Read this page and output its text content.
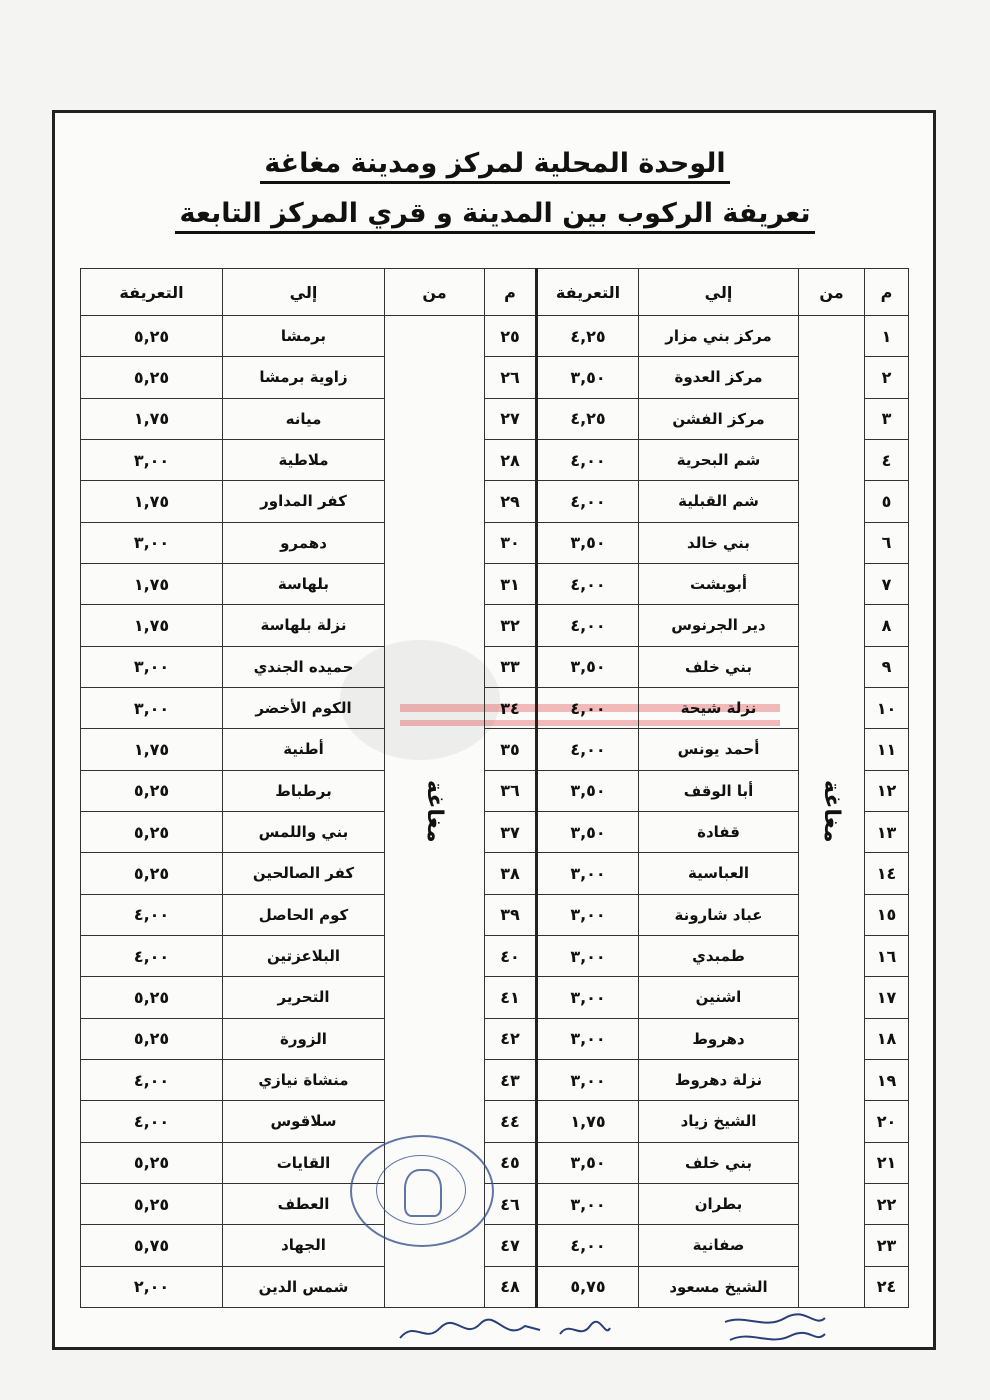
الوحدة المحلية لمركز ومدينة مغاغة
تعريفة الركوب بين المدينة و قري المركز التابعة
م	من	إلي	التعريفة	م	من	إلي	التعريفة
١	مغاغة	مركز بني مزار	٤,٢٥	٢٥	مغاغة	برمشا	٥,٢٥
٢		مركز العدوة	٣,٥٠	٢٦		زاوية برمشا	٥,٢٥
٣		مركز الفشن	٤,٢٥	٢٧		ميانه	١,٧٥
٤		شم البحرية	٤,٠٠	٢٨		ملاطية	٣,٠٠
٥		شم القبلية	٤,٠٠	٢٩		كفر المداور	١,٧٥
٦		بني خالد	٣,٥٠	٣٠		دهمرو	٣,٠٠
٧		أبوبشت	٤,٠٠	٣١		بلهاسة	١,٧٥
٨		دير الجرنوس	٤,٠٠	٣٢		نزلة بلهاسة	١,٧٥
٩		بني خلف	٣,٥٠	٣٣		حميده الجندي	٣,٠٠
١٠		نزلة شيحة	٤,٠٠	٣٤		الكوم الأخضر	٣,٠٠
١١		أحمد يونس	٤,٠٠	٣٥		أطنية	١,٧٥
١٢		أبا الوقف	٣,٥٠	٣٦		برطباط	٥,٢٥
١٣		قفادة	٣,٥٠	٣٧		بني واللمس	٥,٢٥
١٤		العباسية	٣,٠٠	٣٨		كفر الصالحين	٥,٢٥
١٥		عباد شارونة	٣,٠٠	٣٩		كوم الحاصل	٤,٠٠
١٦		طمبدي	٣,٠٠	٤٠		البلاعزتين	٤,٠٠
١٧		اشنين	٣,٠٠	٤١		التحرير	٥,٢٥
١٨		دهروط	٣,٠٠	٤٢		الزورة	٥,٢٥
١٩		نزلة دهروط	٣,٠٠	٤٣		منشاة نيازي	٤,٠٠
٢٠		الشيخ زياد	١,٧٥	٤٤		سلاقوس	٤,٠٠
٢١		بني خلف	٣,٥٠	٤٥		القايات	٥,٢٥
٢٢		بطران	٣,٠٠	٤٦		العطف	٥,٢٥
٢٣		صفانية	٤,٠٠	٤٧		الجهاد	٥,٧٥
٢٤		الشيخ مسعود	٥,٧٥	٤٨		شمس الدين	٢,٠٠
